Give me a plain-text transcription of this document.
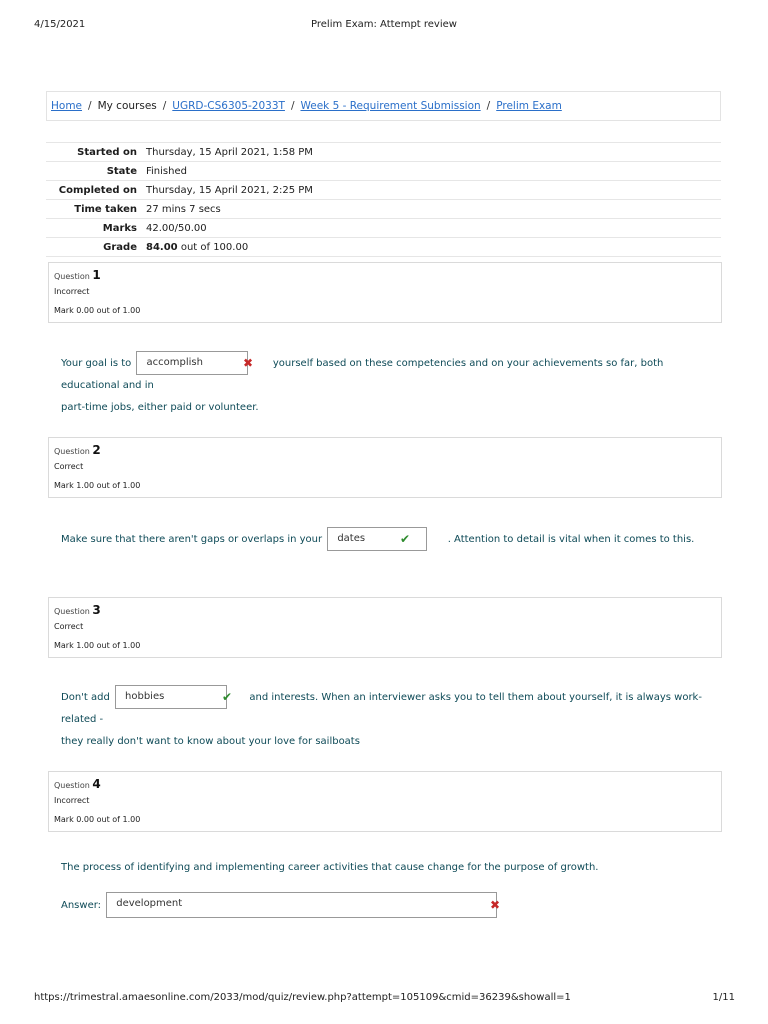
4/15/2021	Prelim Exam: Attempt review
Home / My courses / UGRD-CS6305-2033T / Week 5 - Requirement Submission / Prelim Exam
Started on Thursday, 15 April 2021, 1:58 PM
State Finished
Completed on Thursday, 15 April 2021, 2:25 PM
Time taken 27 mins 7 secs
Marks 42.00/50.00
Grade 84.00 out of 100.00
Question 1
Incorrect
Mark 0.00 out of 1.00
Your goal is to accomplish	yourself based on these competencies and on your achievements so far, both educational and in
part-time jobs, either paid or volunteer.
✖
Question 2
Correct
Mark 1.00 out of 1.00
Make sure that there aren't gaps or overlaps in your dates	. Attention to detail is vital when it comes to this.
✔
Question 3
Correct
Mark 1.00 out of 1.00
Don't add hobbies	and interests. When an interviewer asks you to tell them about yourself, it is always work-related -
they really don't want to know about your love for sailboats
✔
Question 4
Incorrect
Mark 0.00 out of 1.00
The process of identifying and implementing career activities that cause change for the purpose of growth.
Answer: development	✖
https://trimestral.amaesonline.com/2033/mod/quiz/review.php?attempt=105109&cmid=36239&showall=1	1/11
